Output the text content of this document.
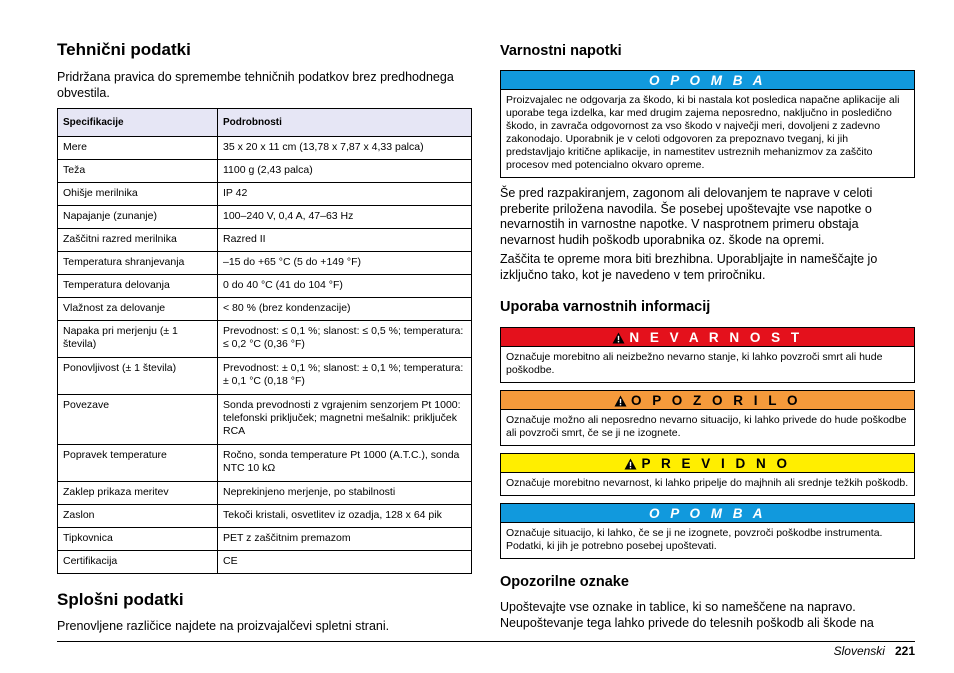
Tehnični podatki

Pridržana pravica do spremembe tehničnih podatkov brez predhodnega obvestila.

Specifikacije	Podrobnosti
Mere	35 x 20 x 11 cm (13,78 x 7,87 x 4,33 palca)
Teža	1100 g (2,43 palca)
Ohišje merilnika	IP 42
Napajanje (zunanje)	100–240 V, 0,4 A, 47–63 Hz
Zaščitni razred merilnika	Razred II
Temperatura shranjevanja	–15 do +65 °C (5 do +149 °F)
Temperatura delovanja	0 do 40 °C (41 do 104 °F)
Vlažnost za delovanje	< 80 % (brez kondenzacije)
Napaka pri merjenju (± 1 števila)	Prevodnost: ≤ 0,1 %; slanost: ≤ 0,5 %; temperatura: ≤ 0,2 °C (0,36 °F)
Ponovljivost (± 1 števila)	Prevodnost: ± 0,1 %; slanost: ± 0,1 %; temperatura: ± 0,1 °C (0,18 °F)
Povezave	Sonda prevodnosti z vgrajenim senzorjem Pt 1000: telefonski priključek; magnetni mešalnik: priključek RCA
Popravek temperature	Ročno, sonda temperature Pt 1000 (A.T.C.), sonda NTC 10 kΩ
Zaklep prikaza meritev	Neprekinjeno merjenje, po stabilnosti
Zaslon	Tekoči kristali, osvetlitev iz ozadja, 128 x 64 pik
Tipkovnica	PET z zaščitnim premazom
Certifikacija	CE
Splošni podatki

Prenovljene različice najdete na proizvajalčevi spletni strani.

Varnostni napotki
O P O M B A
Proizvajalec ne odgovarja za škodo, ki bi nastala kot posledica napačne aplikacije ali uporabe tega izdelka, kar med drugim zajema neposredno, naključno in posledično škodo, in zavrača odgovornost za vso škodo v največji meri, dovoljeni z zadevno zakonodajo. Uporabnik je v celoti odgovoren za prepoznavo tveganj, ki jih predstavljajo kritične aplikacije, in namestitev ustreznih mehanizmov za zaščito procesov med potencialno okvaro opreme.

Še pred razpakiranjem, zagonom ali delovanjem te naprave v celoti preberite priložena navodila. Še posebej upoštevajte vse napotke o nevarnostih in varnostne napotke. V nasprotnem primeru obstaja nevarnost hudih poškodb uporabnika oz. škode na opremi.

Zaščita te opreme mora biti brezhibna. Uporabljajte in nameščajte jo izključno tako, kot je navedeno v tem priročniku.

Uporaba varnostnih informacij
N E V A R N O S T
Označuje morebitno ali neizbežno nevarno stanje, ki lahko povzroči smrt ali hude poškodbe.
O P O Z O R I L O
Označuje možno ali neposredno nevarno situacijo, ki lahko privede do hude poškodbe ali povzroči smrt, če se ji ne izognete.
P R E V I D N O
Označuje morebitno nevarnost, ki lahko pripelje do majhnih ali srednje težkih poškodb.
O P O M B A
Označuje situacijo, ki lahko, če se ji ne izognete, povzroči poškodbe instrumenta. Podatki, ki jih je potrebno posebej upoštevati.
Opozorilne oznake

Upoštevajte vse oznake in tablice, ki so nameščene na napravo. Neupoštevanje tega lahko privede do telesnih poškodb ali škode na

Slovenski 221
